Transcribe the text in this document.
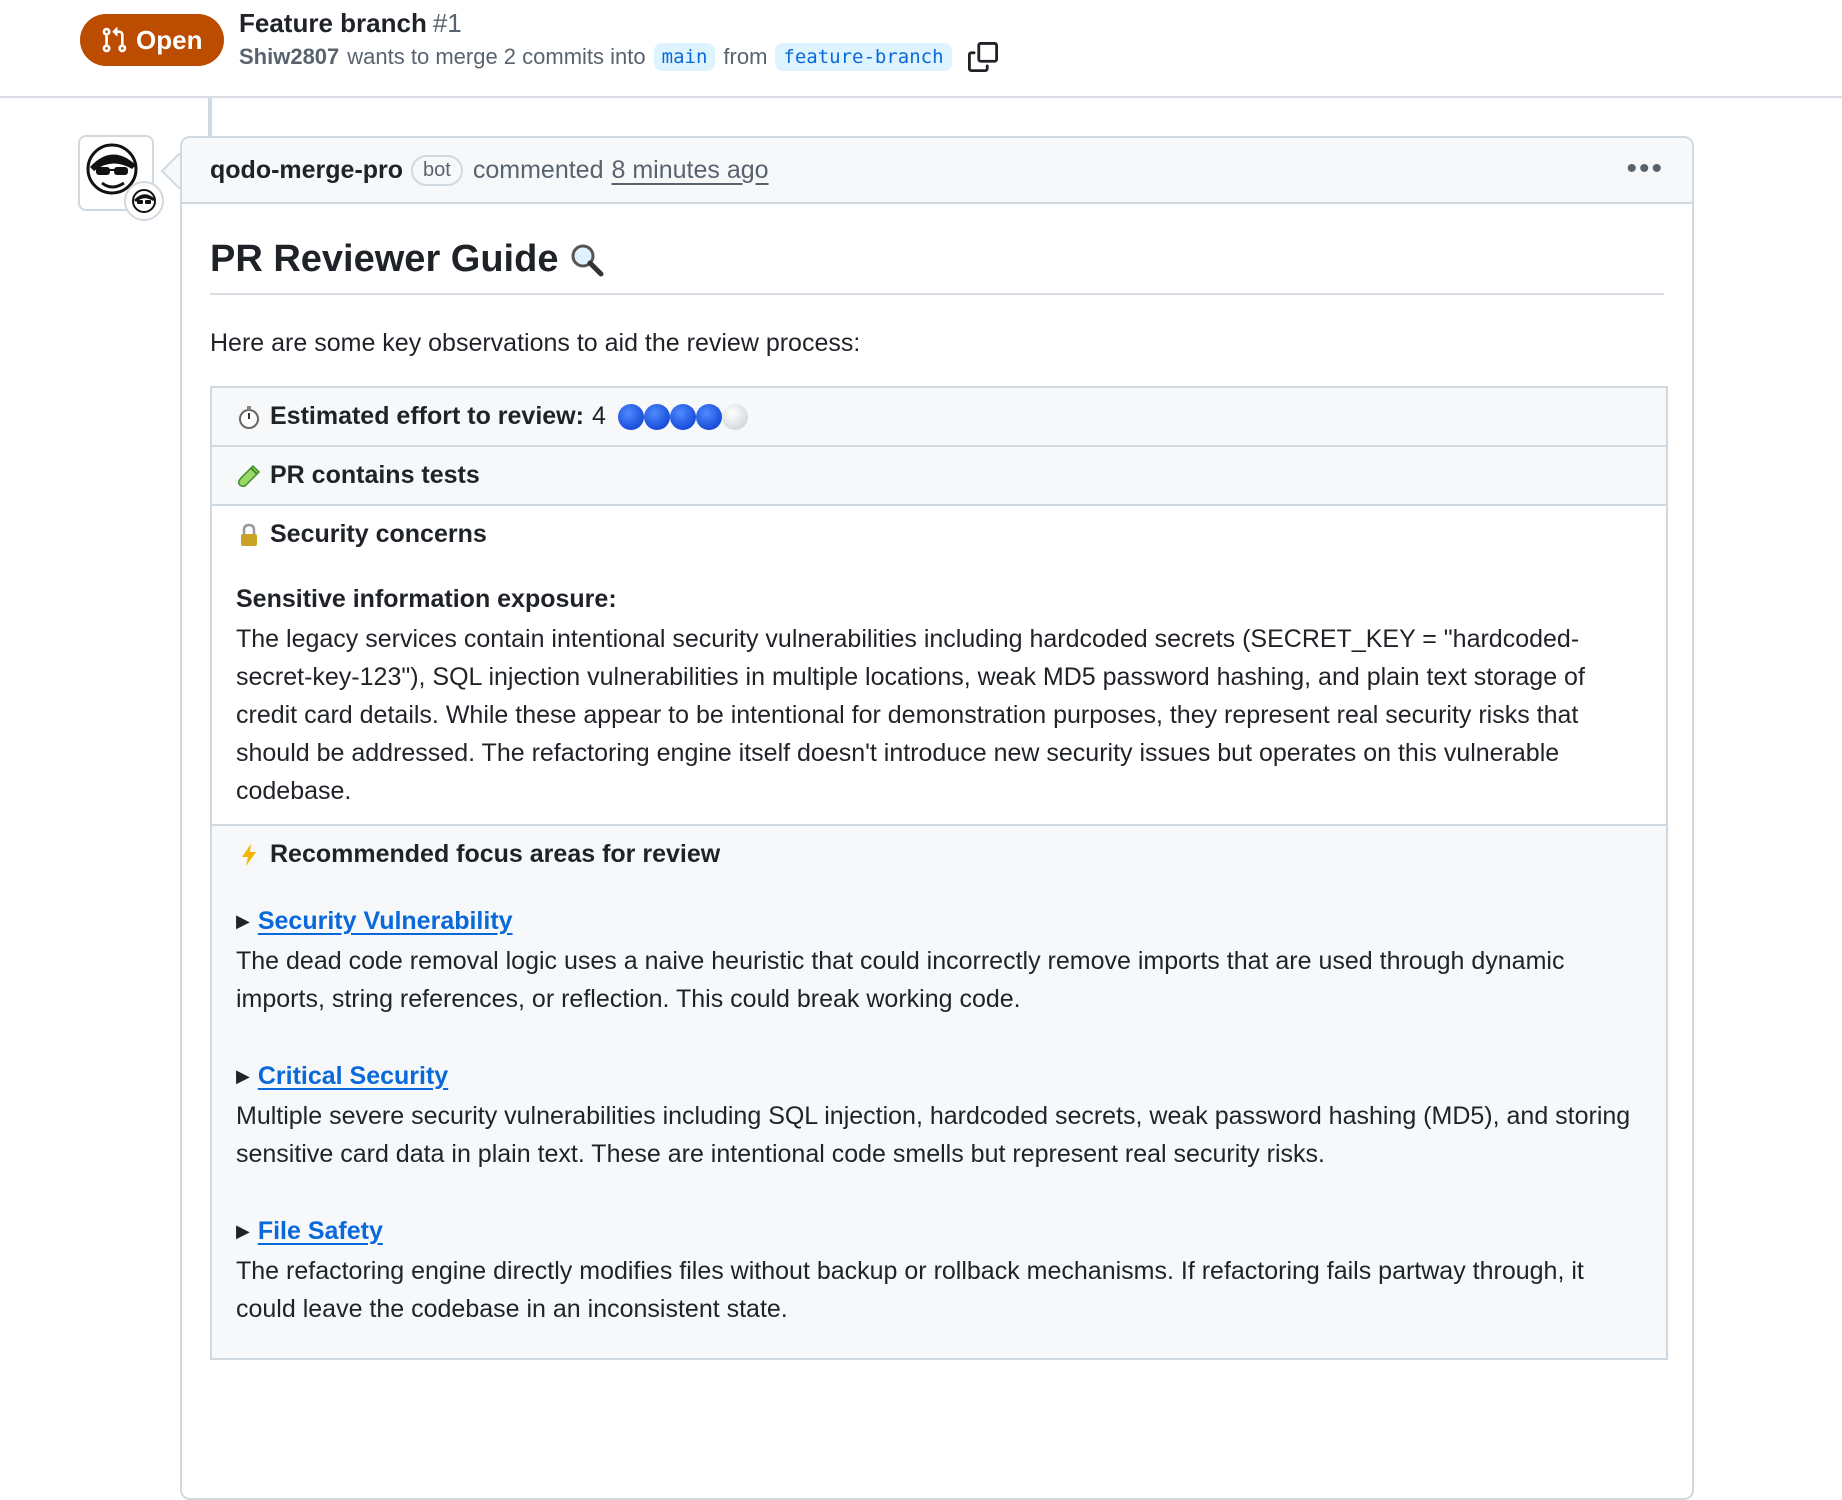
Open
Feature branch #1
Shiw2807 wants to merge 2 commits into main from feature-branch
qodo-merge-pro	bot commented 8 minutes ago	•••
PR Reviewer Guide

Here are some key observations to aid the review process:

Estimated effort to review: 4
PR contains tests
Security concerns
Sensitive information exposure:
The legacy services contain intentional security vulnerabilities including hardcoded secrets (SECRET_KEY = "hardcoded-secret-key-123"), SQL injection vulnerabilities in multiple locations, weak MD5 password hashing, and plain text storage of credit card details. While these appear to be intentional for demonstration purposes, they represent real security risks that should be addressed. The refactoring engine itself doesn't introduce new security issues but operates on this vulnerable codebase.
Recommended focus areas for review
▶ Security Vulnerability
The dead code removal logic uses a naive heuristic that could incorrectly remove imports that are used through dynamic imports, string references, or reflection. This could break working code.
▶ Critical Security
Multiple severe security vulnerabilities including SQL injection, hardcoded secrets, weak password hashing (MD5), and storing sensitive card data in plain text. These are intentional code smells but represent real security risks.
▶ File Safety
The refactoring engine directly modifies files without backup or rollback mechanisms. If refactoring fails partway through, it could leave the codebase in an inconsistent state.
